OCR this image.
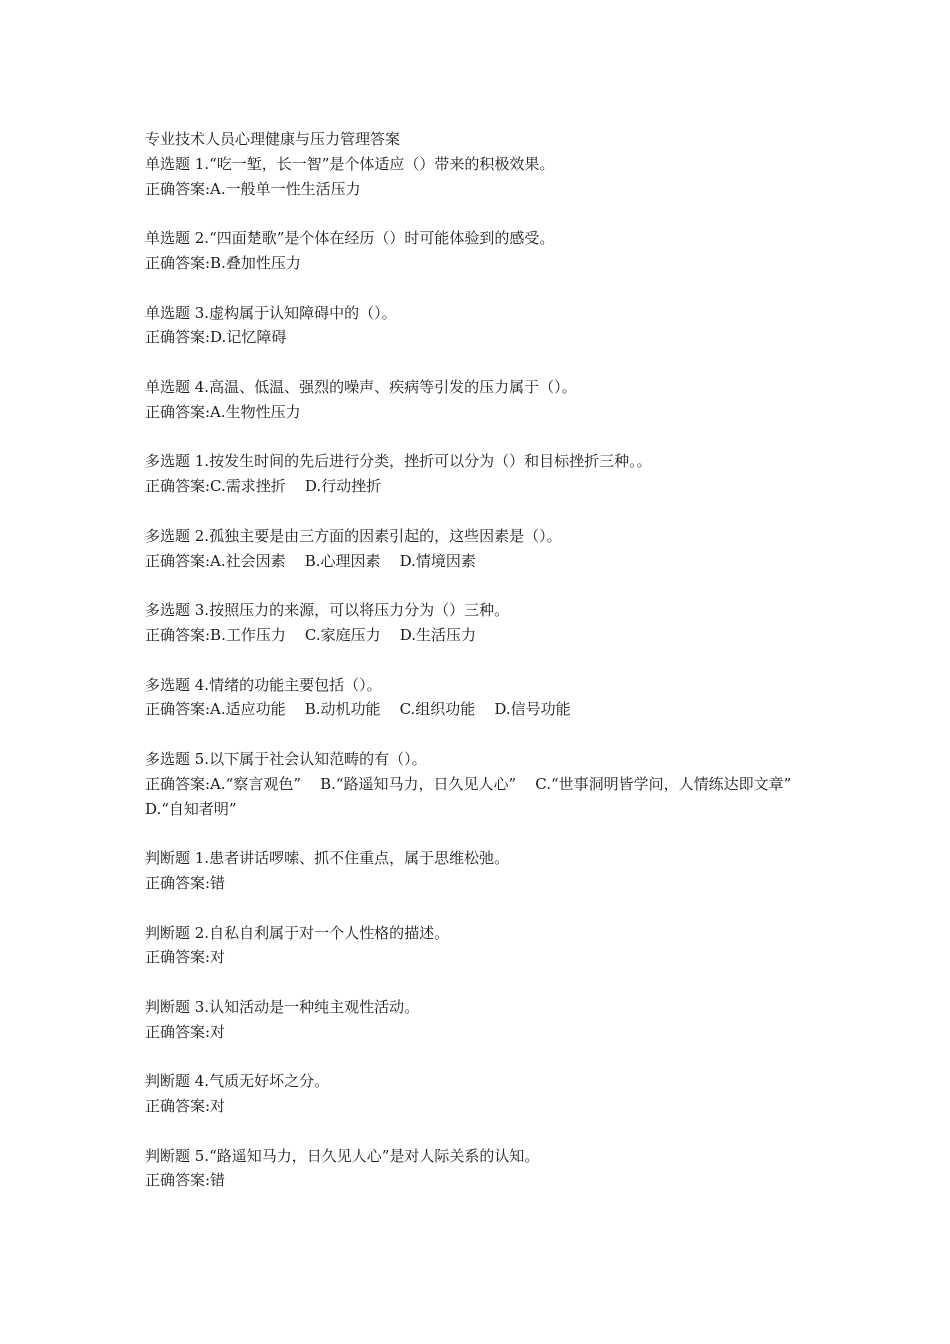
专业技术人员心理健康与压力管理答案

单选题 1.“吃一堑，长一智”是个体适应（）带来的积极效果。

正确答案:A.一般单一性生活压力

单选题 2.“四面楚歌”是个体在经历（）时可能体验到的感受。

正确答案:B.叠加性压力

单选题 3.虚构属于认知障碍中的（）。

正确答案:D.记忆障碍

单选题 4.高温、低温、强烈的噪声、疾病等引发的压力属于（）。

正确答案:A.生物性压力

多选题 1.按发生时间的先后进行分类，挫折可以分为（）和目标挫折三种。。

正确答案:C.需求挫折    D.行动挫折

多选题 2.孤独主要是由三方面的因素引起的，这些因素是（）。

正确答案:A.社会因素    B.心理因素    D.情境因素

多选题 3.按照压力的来源，可以将压力分为（）三种。

正确答案:B.工作压力    C.家庭压力    D.生活压力

多选题 4.情绪的功能主要包括（）。

正确答案:A.适应功能    B.动机功能    C.组织功能    D.信号功能

多选题 5.以下属于社会认知范畴的有（）。

正确答案:A.“察言观色”    B.“路遥知马力，日久见人心”    C.“世事洞明皆学问，人情练达即文章”    D.“自知者明”

判断题 1.患者讲话啰嗦、抓不住重点，属于思维松弛。

正确答案:错

判断题 2.自私自利属于对一个人性格的描述。

正确答案:对

判断题 3.认知活动是一种纯主观性活动。

正确答案:对

判断题 4.气质无好坏之分。

正确答案:对

判断题 5.“路遥知马力，日久见人心”是对人际关系的认知。

正确答案:错
